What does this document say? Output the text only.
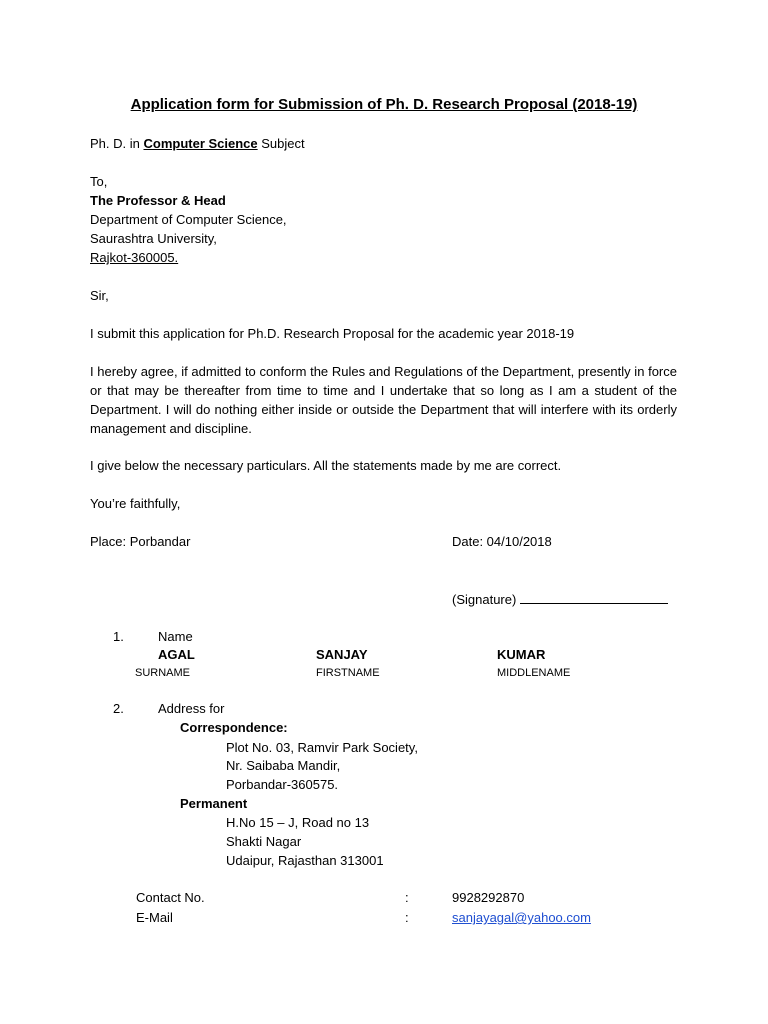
Application form for Submission of Ph. D. Research Proposal (2018-19)
Ph. D. in Computer Science Subject
To,
The Professor & Head
Department of Computer Science,
Saurashtra University,
Rajkot-360005.
Sir,
I submit this application for Ph.D. Research Proposal for the academic year 2018-19
I hereby agree, if admitted to conform the Rules and Regulations of the Department, presently in force or that may be thereafter from time to time and I undertake that so long as I am a student of the Department. I will do nothing either inside or outside the Department that will interfere with its orderly management and discipline.
I give below the necessary particulars. All the statements made by me are correct.
You’re faithfully,
Place: Porbandar	Date: 04/10/2018
(Signature)
1.	Name
AGAL	SANJAY	KUMAR
SURNAME	FIRSTNAME	MIDDLENAME
2.	Address for
Correspondence:
Plot No. 03, Ramvir Park Society,
Nr. Saibaba Mandir,
Porbandar-360575.
Permanent
H.No 15 – J, Road no 13
Shakti Nagar
Udaipur, Rajasthan 313001
Contact No.	:	9928292870
E-Mail	:	sanjayagal@yahoo.com
